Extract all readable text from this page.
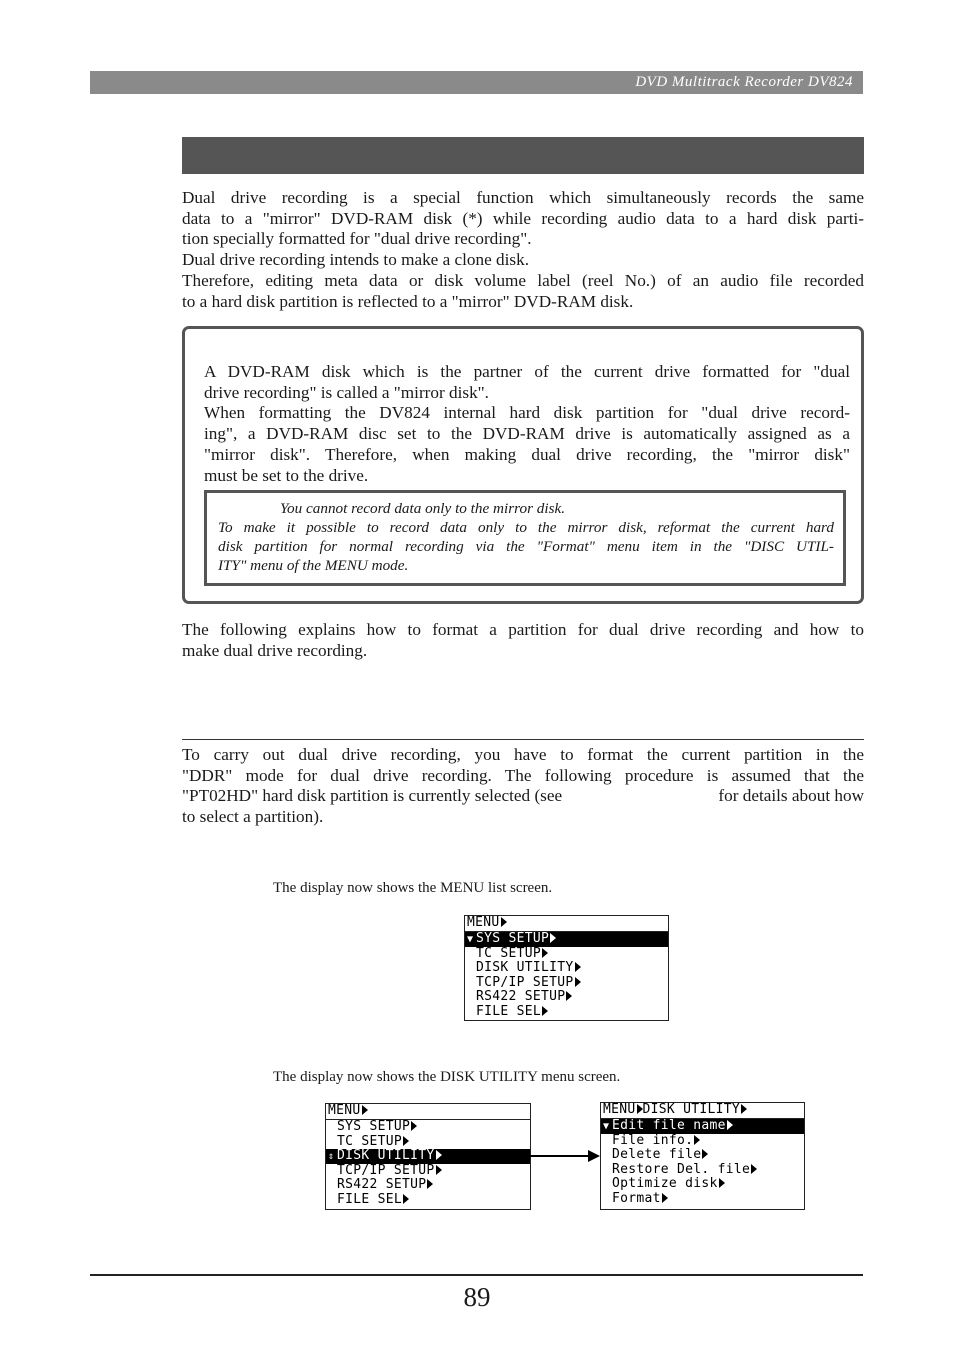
DVD Multitrack Recorder DV824
Dual drive recording is a special function which simultaneously records the same
data to a "mirror" DVD-RAM disk (*) while recording audio data to a hard disk parti-
tion specially formatted for "dual drive recording".
Dual drive recording intends to make a clone disk.
Therefore, editing meta data or disk volume label (reel No.) of an audio file recorded
to a hard disk partition is reflected to a "mirror" DVD-RAM disk.
A DVD-RAM disk which is the partner of the current drive formatted for "dual
drive recording" is called a "mirror disk".
When formatting the DV824 internal hard disk partition for "dual drive record-
ing", a DVD-RAM disc set to the DVD-RAM drive is automatically assigned as a
"mirror disk". Therefore, when making dual drive recording, the "mirror disk"
must be set to the drive.
You cannot record data only to the mirror disk.
To make it possible to record data only to the mirror disk, reformat the current hard
disk partition for normal recording via the "Format" menu item in the "DISC UTIL-
ITY" menu of the MENU mode.
The following explains how to format a partition for dual drive recording and how to
make dual drive recording.
To carry out dual drive recording, you have to format the current partition in the
"DDR" mode for dual drive recording. The following procedure is assumed that the
"PT02HD" hard disk partition is currently selected (see	for details about how
to select a partition).
The display now shows the MENU list screen.
MENU
▼ SYS SETUP
TC SETUP
DISK UTILITY
TCP/IP SETUP
RS422 SETUP
FILE SEL
The display now shows the DISK UTILITY menu screen.
MENU
SYS SETUP
TC SETUP
⇕ DISK UTILITY
TCP/IP SETUP
RS422 SETUP
FILE SEL
MENU DISK UTILITY
▼ Edit file name
File info.
Delete file
Restore Del. file
Optimize disk
Format
89
